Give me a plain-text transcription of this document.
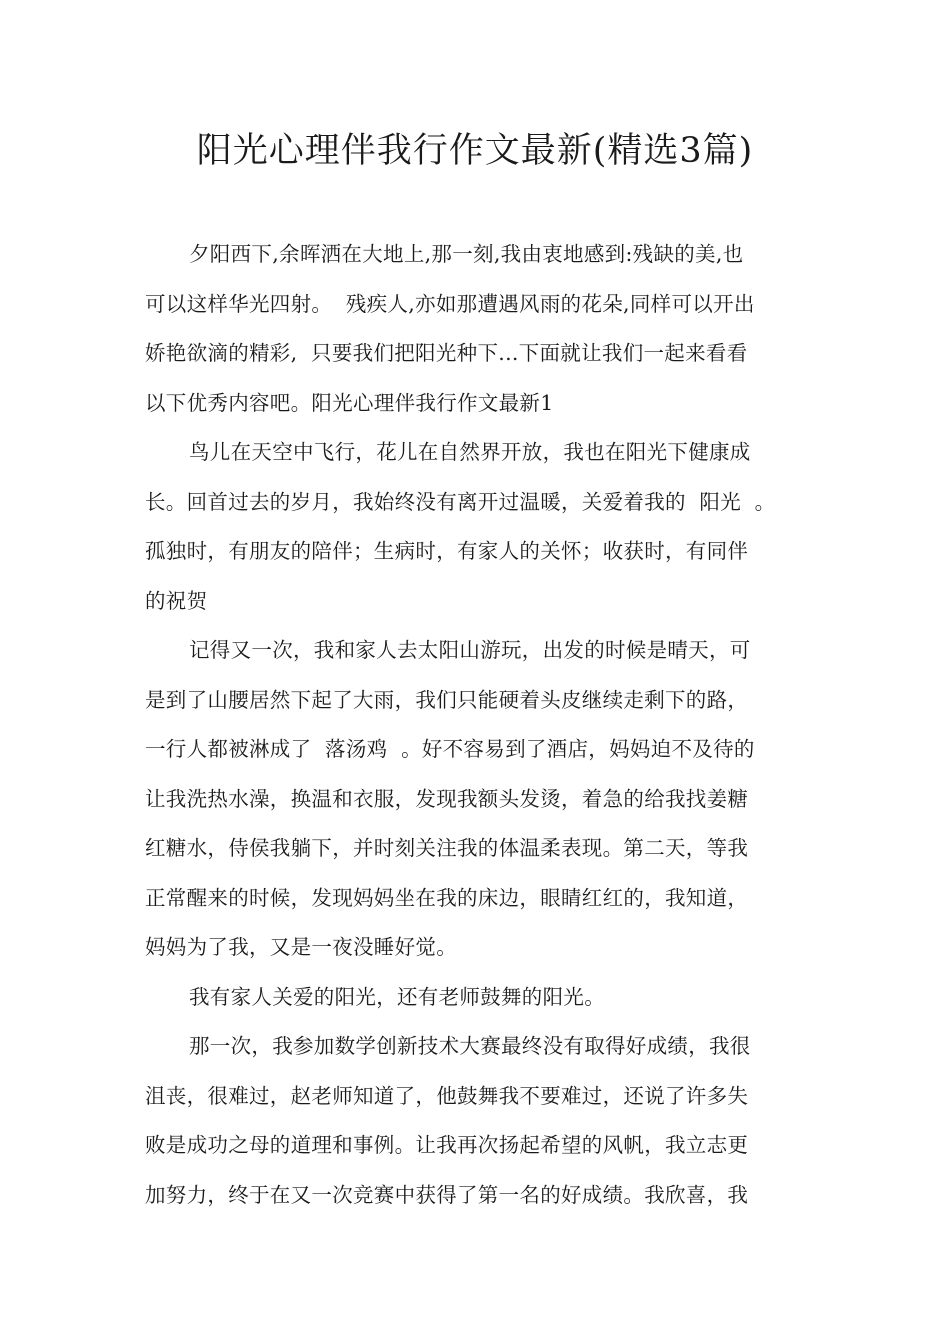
阳光心理伴我行作文最新(精选3篇)
夕阳西下,余晖洒在大地上,那一刻,我由衷地感到:残缺的美,也
可以这样华光四射。  残疾人,亦如那遭遇风雨的花朵,同样可以开出
娇艳欲滴的精彩,  只要我们把阳光种下...下面就让我们一起来看看
以下优秀内容吧。阳光心理伴我行作文最新1
鸟儿在天空中飞行，花儿在自然界开放，我也在阳光下健康成
长。回首过去的岁月，我始终没有离开过温暖，关爱着我的  阳光  。
孤独时，有朋友的陪伴；生病时，有家人的关怀；收获时，有同伴
的祝贺
记得又一次，我和家人去太阳山游玩，出发的时候是晴天，可
是到了山腰居然下起了大雨，我们只能硬着头皮继续走剩下的路，
一行人都被淋成了  落汤鸡  。好不容易到了酒店，妈妈迫不及待的
让我洗热水澡，换温和衣服，发现我额头发烫，着急的给我找姜糖
红糖水，侍侯我躺下，并时刻关注我的体温柔表现。第二天，等我
正常醒来的时候，发现妈妈坐在我的床边，眼睛红红的，我知道，
妈妈为了我，又是一夜没睡好觉。
我有家人关爱的阳光，还有老师鼓舞的阳光。
那一次，我参加数学创新技术大赛最终没有取得好成绩，我很
沮丧，很难过，赵老师知道了，他鼓舞我不要难过，还说了许多失
败是成功之母的道理和事例。让我再次扬起希望的风帆，我立志更
加努力，终于在又一次竞赛中获得了第一名的好成绩。我欣喜，我
